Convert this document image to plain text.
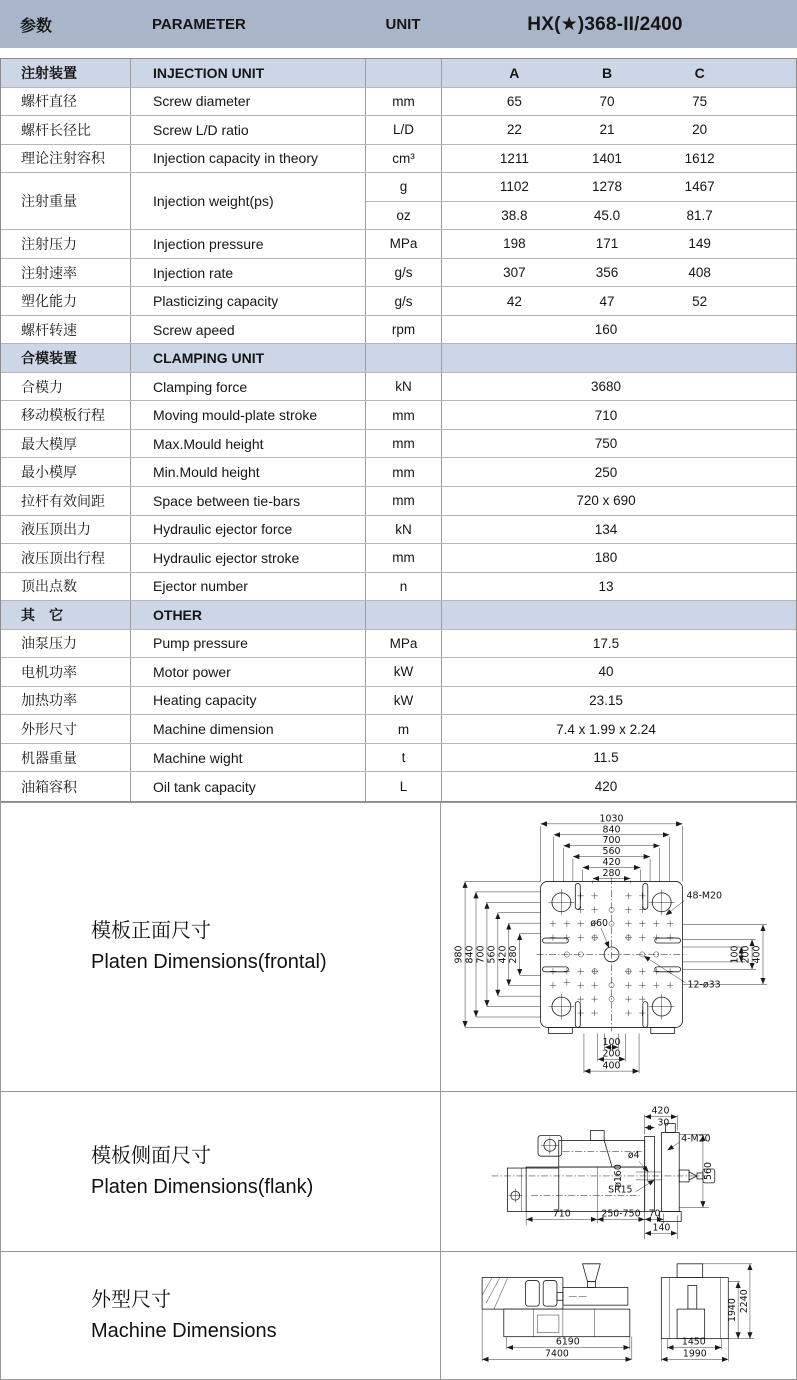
参数	PARAMETER	UNIT	HX(★)368-II/2400
注射装置	INJECTION UNIT	A	B	C
螺杆直径	Screw diameter	mm	65	70	75
螺杆长径比	Screw L/D ratio	L/D	22	21	20
理论注射容积	Injection capacity in theory	cm³	1211	1401	1612
注射重量	Injection weight(ps)
g	1102	1278	1467
oz	38.8	45.0	81.7
注射压力	Injection pressure	MPa	198	171	149
注射速率	Injection rate	g/s	307	356	408
塑化能力	Plasticizing capacity	g/s	42	47	52
螺杆转速	Screw apeed	rpm	160
合模装置	CLAMPING UNIT
合模力	Clamping force	kN	3680
移动模板行程	Moving mould-plate stroke	mm	710
最大模厚	Max.Mould height	mm	750
最小模厚	Min.Mould height	mm	250
拉杆有效间距	Space between tie-bars	mm	720 x 690
液压顶出力	Hydraulic ejector force	kN	134
液压顶出行程	Hydraulic ejector stroke	mm	180
顶出点数	Ejector number	n	13
其　它	OTHER
油泵压力	Pump pressure	MPa	17.5
电机功率	Motor power	kW	40
加热功率	Heating capacity	kW	23.15
外形尺寸	Machine dimension	m	7.4 x 1.99 x 2.24
机器重量	Machine wight	t	11.5
油箱容积	Oil tank capacity	L	420
模板正面尺寸
Platen Dimensions(frontal)
1030
840
700
560
420
280
980 840 700 560 420 280	100 200 400
100
200
400
48-M20
12-ø33
ø60
模板侧面尺寸
Platen Dimensions(flank)
420
30
4-M20
ø4
ø160
SR15
560
710	250-750 70
140
外型尺寸
Machine Dimensions
6190
7400
1450
1990
1940 2240
